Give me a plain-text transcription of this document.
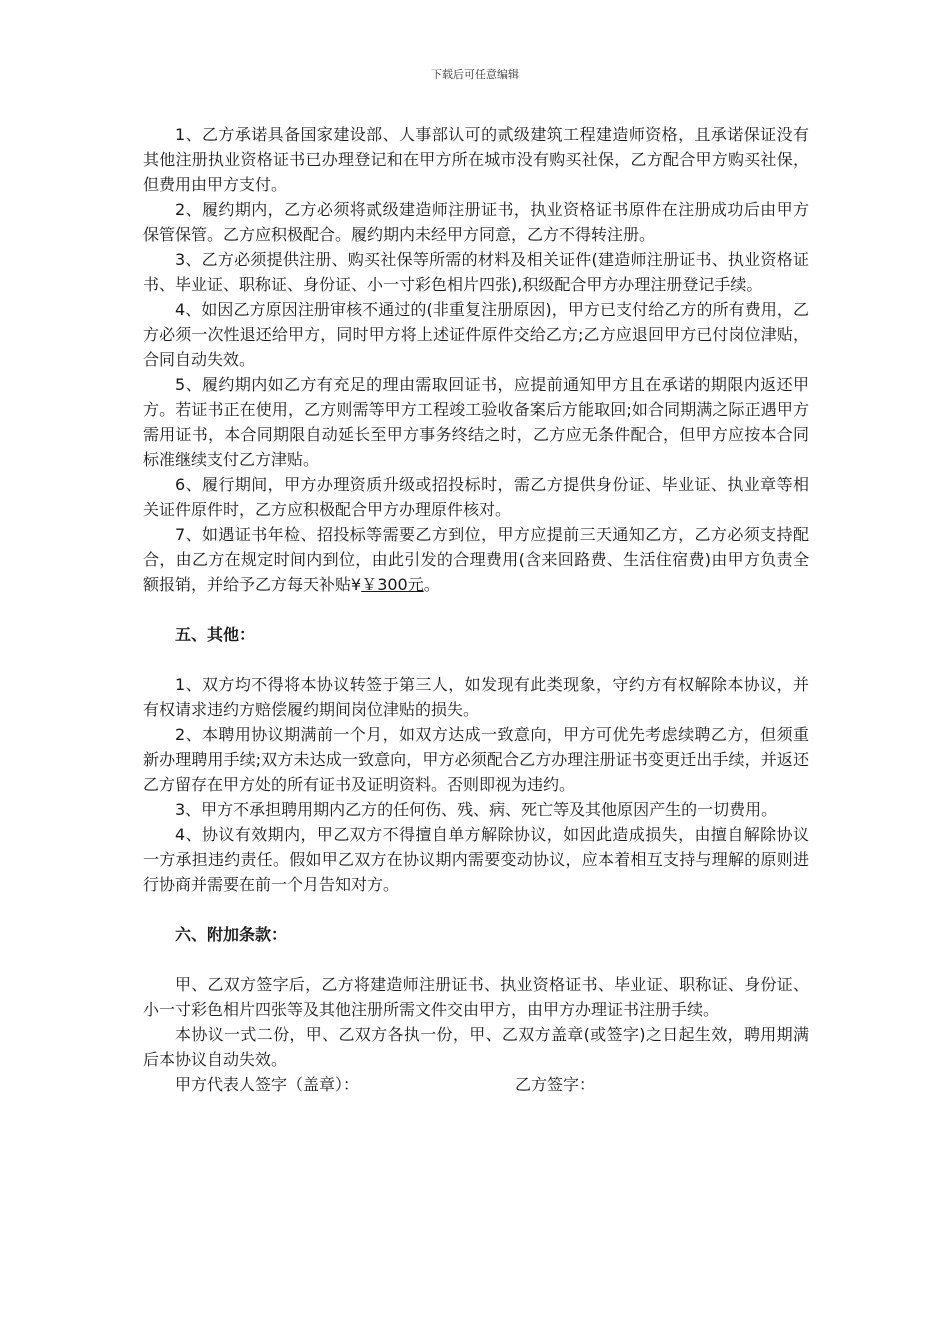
下载后可任意编辑

1、乙方承诺具备国家建设部、人事部认可的贰级建筑工程建造师资格，且承诺保证没有其他注册执业资格证书已办理登记和在甲方所在城市没有购买社保，乙方配合甲方购买社保，但费用由甲方支付。

2、履约期内，乙方必须将贰级建造师注册证书，执业资格证书原件在注册成功后由甲方保管保管。乙方应积极配合。履约期内未经甲方同意，乙方不得转注册。

3、乙方必须提供注册、购买社保等所需的材料及相关证件(建造师注册证书、执业资格证书、毕业证、职称证、身份证、小一寸彩色相片四张),积级配合甲方办理注册登记手续。

4、如因乙方原因注册审核不通过的(非重复注册原因)，甲方已支付给乙方的所有费用，乙方必须一次性退还给甲方，同时甲方将上述证件原件交给乙方;乙方应退回甲方已付岗位津贴，合同自动失效。

5、履约期内如乙方有充足的理由需取回证书，应提前通知甲方且在承诺的期限内返还甲方。若证书正在使用，乙方则需等甲方工程竣工验收备案后方能取回;如合同期满之际正遇甲方需用证书，本合同期限自动延长至甲方事务终结之时，乙方应无条件配合，但甲方应按本合同标准继续支付乙方津贴。

6、履行期间，甲方办理资质升级或招投标时，需乙方提供身份证、毕业证、执业章等相关证件原件时，乙方应积极配合甲方办理原件核对。

7、如遇证书年检、招投标等需要乙方到位，甲方应提前三天通知乙方，乙方必须支持配合，由乙方在规定时间内到位，由此引发的合理费用(含来回路费、生活住宿费)由甲方负责全额报销，并给予乙方每天补贴¥￥300元。

五、其他：

1、双方均不得将本协议转签于第三人，如发现有此类现象，守约方有权解除本协议，并有权请求违约方赔偿履约期间岗位津贴的损失。

2、本聘用协议期满前一个月，如双方达成一致意向，甲方可优先考虑续聘乙方，但须重新办理聘用手续;双方未达成一致意向，甲方必须配合乙方办理注册证书变更迁出手续，并返还乙方留存在甲方处的所有证书及证明资料。否则即视为违约。

3、甲方不承担聘用期内乙方的任何伤、残、病、死亡等及其他原因产生的一切费用。

4、协议有效期内，甲乙双方不得擅自单方解除协议，如因此造成损失，由擅自解除协议一方承担违约责任。假如甲乙双方在协议期内需要变动协议，应本着相互支持与理解的原则进行协商并需要在前一个月告知对方。

六、附加条款：

甲、乙双方签字后，乙方将建造师注册证书、执业资格证书、毕业证、职称证、身份证、小一寸彩色相片四张等及其他注册所需文件交由甲方，由甲方办理证书注册手续。

本协议一式二份，甲、乙双方各执一份，甲、乙双方盖章(或签字)之日起生效，聘用期满后本协议自动失效。

甲方代表人签字（盖章）：	乙方签字：
